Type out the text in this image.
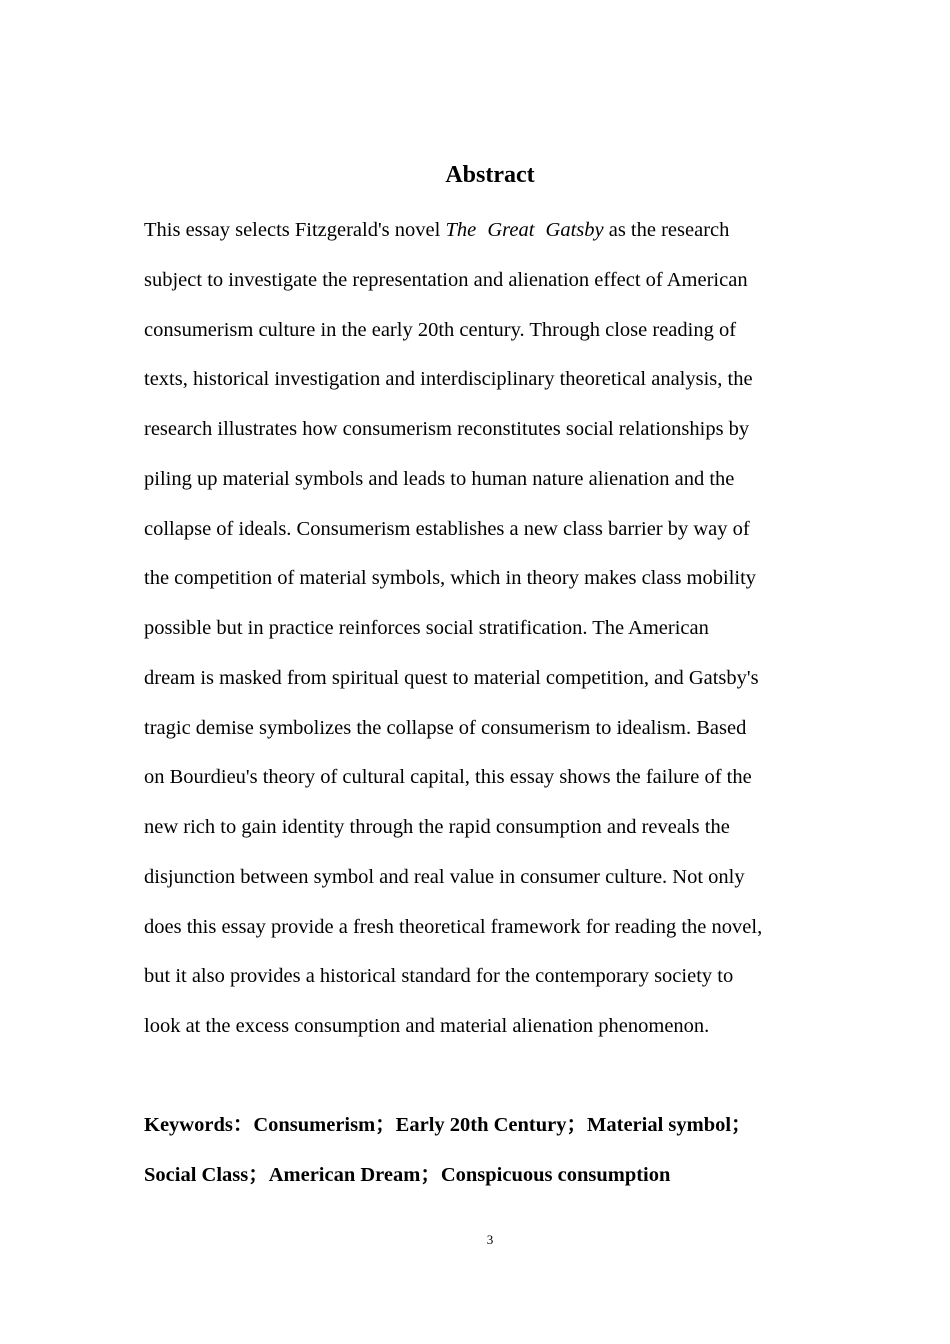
Abstract
This essay selects Fitzgerald's novel The Great Gatsby as the research
subject to investigate the representation and alienation effect of American
consumerism culture in the early 20th century. Through close reading of
texts, historical investigation and interdisciplinary theoretical analysis, the
research illustrates how consumerism reconstitutes social relationships by
piling up material symbols and leads to human nature alienation and the
collapse of ideals. Consumerism establishes a new class barrier by way of
the competition of material symbols, which in theory makes class mobility
possible but in practice reinforces social stratification. The American
dream is masked from spiritual quest to material competition, and Gatsby's
tragic demise symbolizes the collapse of consumerism to idealism. Based
on Bourdieu's theory of cultural capital, this essay shows the failure of the
new rich to gain identity through the rapid consumption and reveals the
disjunction between symbol and real value in consumer culture. Not only
does this essay provide a fresh theoretical framework for reading the novel,
but it also provides a historical standard for the contemporary society to
look at the excess consumption and material alienation phenomenon.
Keywords：Consumerism；Early 20th Century；Material symbol；
Social Class；American Dream；Conspicuous consumption
3
